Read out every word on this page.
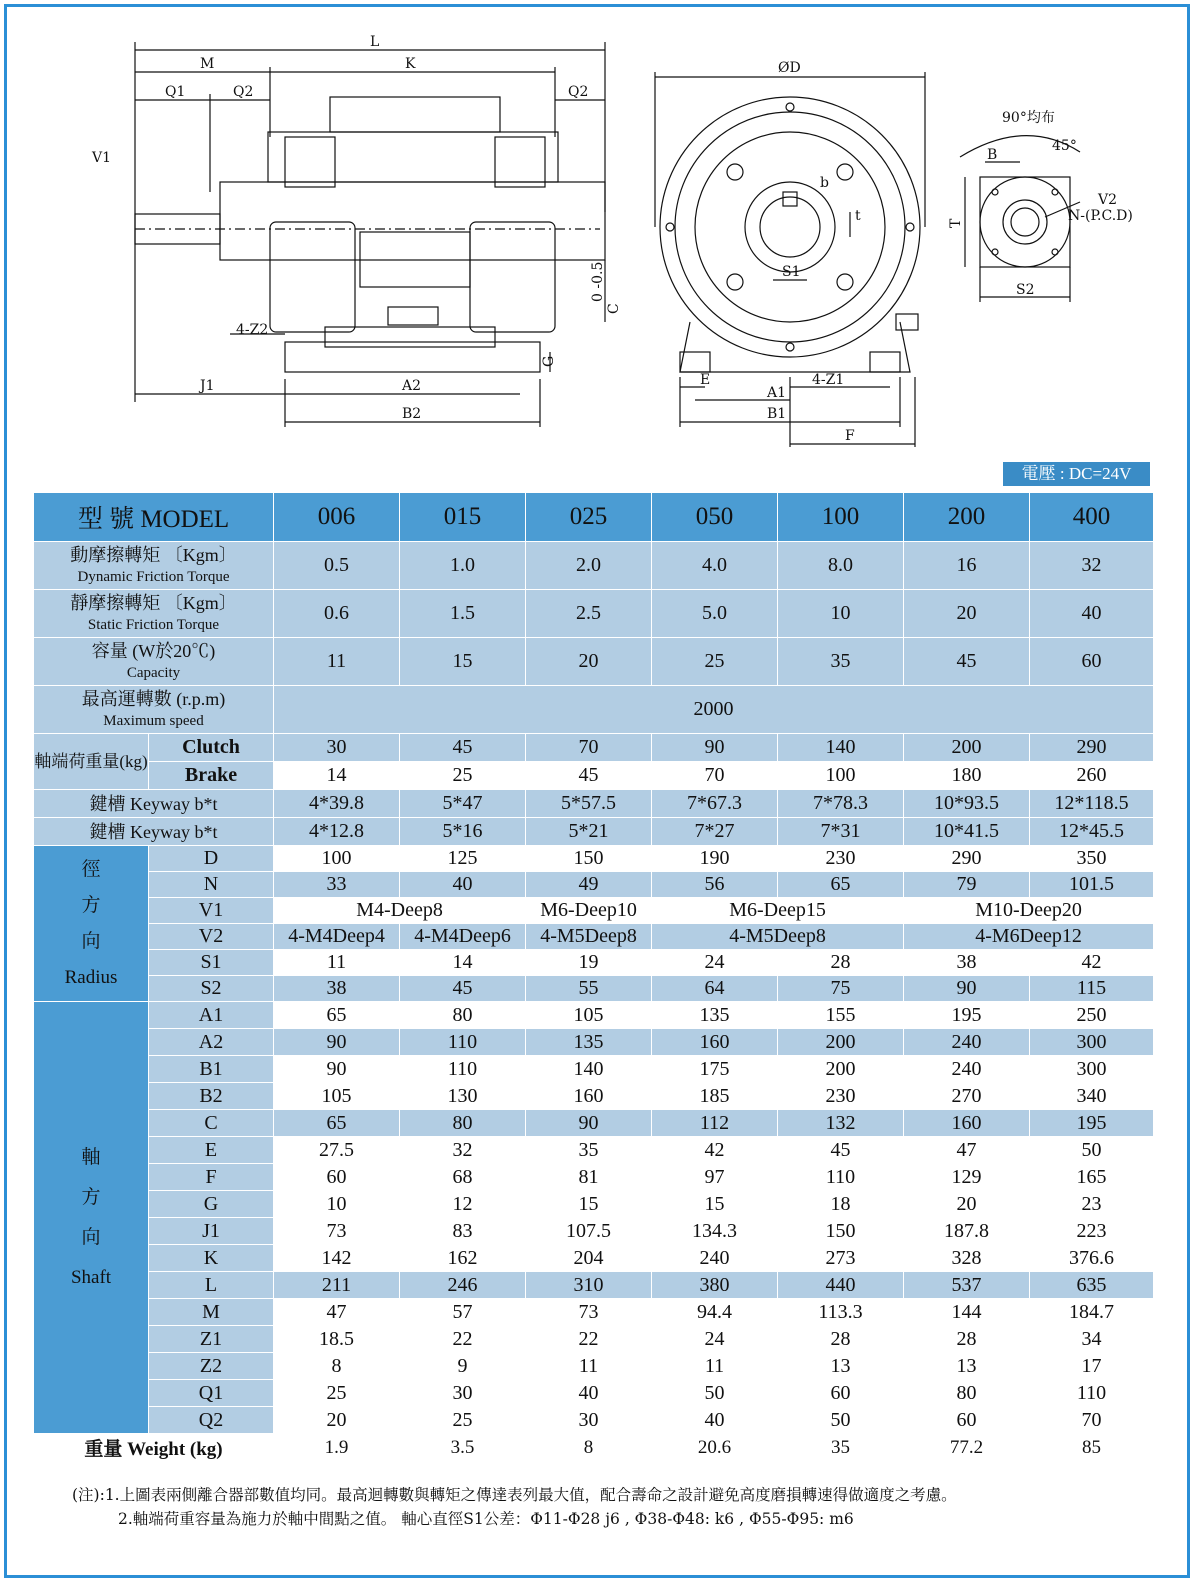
L
M	K
Q1	Q2	Q2
V1
4-Z2
C
0 -0.5
G
J1	A2
B2
ØD
b
t
S1
E
A1
4-Z1
B1
F
90°均布
45°
B
V2
N-(P.C.D)
T
S2
電壓 : DC=24V
型 號 MODEL		006	015	025	050	100	200	400
動摩擦轉矩 〔Kgm〕
Dynamic Friction Torque		0.5	1.0	2.0	4.0	8.0	16	32
靜摩擦轉矩 〔Kgm〕
Static Friction Torque		0.6	1.5	2.5	5.0	10	20	40
容量 (W於20℃)
Capacity		11	15	20	25	35	45	60
最高運轉數 (r.p.m)
Maximum speed		2000						
軸端荷重量(kg)	Clutch	30	45	70	90	140	200	290
	Brake	14	25	45	70	100	180	260
鍵槽 Keyway b*t		4*39.8	5*47	5*57.5	7*67.3	7*78.3	10*93.5	12*118.5
鍵槽 Keyway b*t		4*12.8	5*16	5*21	7*27	7*31	10*41.5	12*45.5
徑
方
向
Radius	D	100	125	150	190	230	290	350
	N	33	40	49	56	65	79	101.5
	V1	M4-Deep8		M6-Deep10	M6-Deep15		M10-Deep20	
	V2	4-M4Deep4	4-M4Deep6	4-M5Deep8	4-M5Deep8		4-M6Deep12	
	S1	11	14	19	24	28	38	42
	S2	38	45	55	64	75	90	115
軸
方
向
Shaft	A1	65	80	105	135	155	195	250
	A2	90	110	135	160	200	240	300
	B1	90	110	140	175	200	240	300
	B2	105	130	160	185	230	270	340
	C	65	80	90	112	132	160	195
	E	27.5	32	35	42	45	47	50
	F	60	68	81	97	110	129	165
	G	10	12	15	15	18	20	23
	J1	73	83	107.5	134.3	150	187.8	223
	K	142	162	204	240	273	328	376.6
	L	211	246	310	380	440	537	635
	M	47	57	73	94.4	113.3	144	184.7
	Z1	18.5	22	22	24	28	28	34
	Z2	8	9	11	11	13	13	17
	Q1	25	30	40	50	60	80	110
	Q2	20	25	30	40	50	60	70
重量 Weight (kg)		1.9	3.5	8	20.6	35	77.2	85
(注):1.上圖表兩側離合器部數值均同。最高迴轉數與轉矩之傳達表列最大值，配合壽命之設計避免高度磨損轉速得做適度之考慮。
2.軸端荷重容量為施力於軸中間點之值。 軸心直徑S1公差：Φ11-Φ28 j6 , Φ38-Φ48: k6 , Φ55-Φ95: m6
